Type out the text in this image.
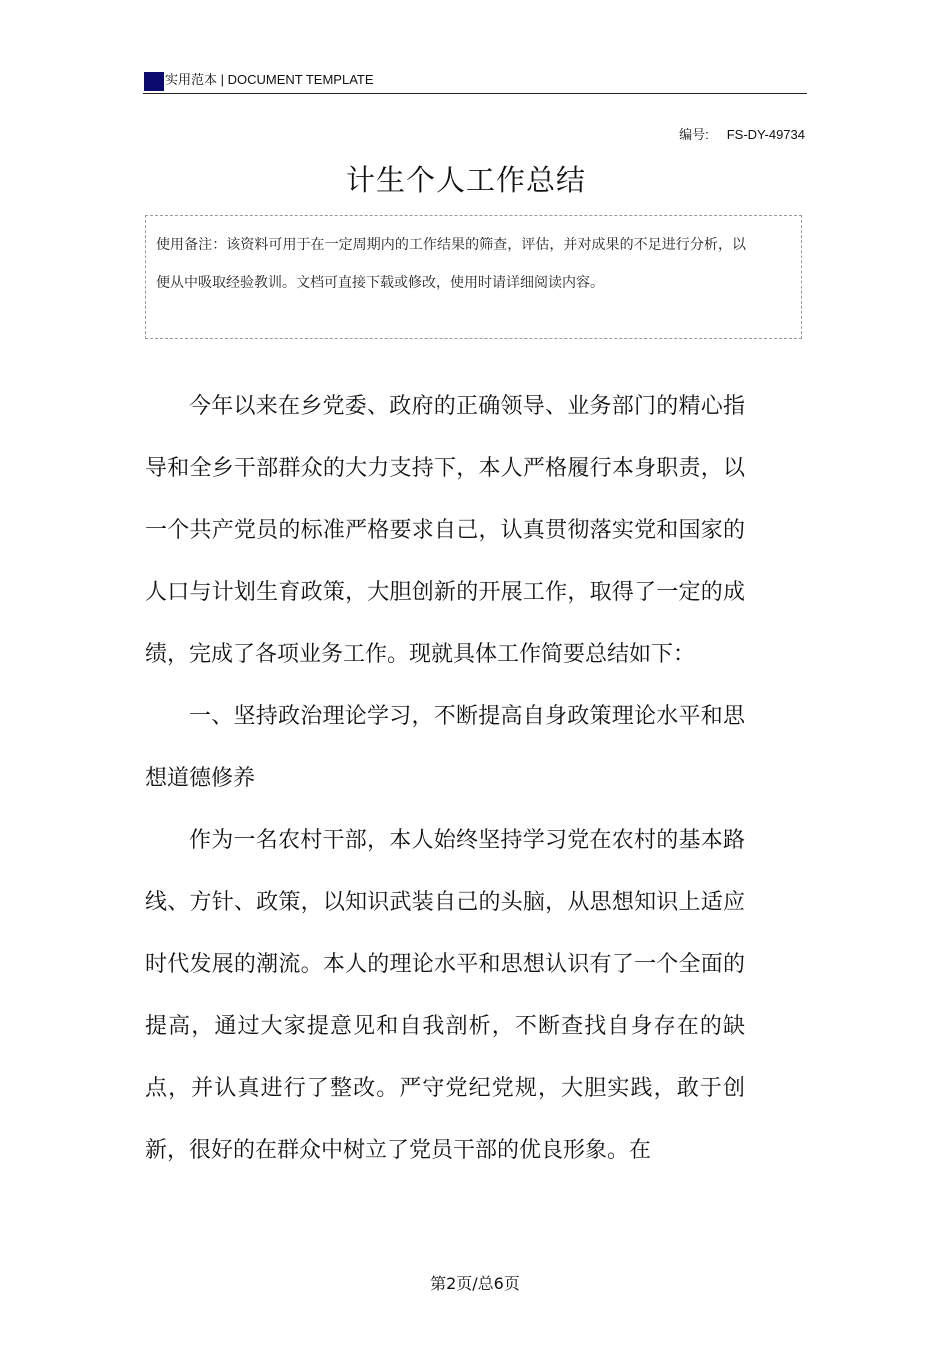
实用范本 | DOCUMENT TEMPLATE
编号: FS-DY-49734
计生个人工作总结
使用备注：该资料可用于在一定周期内的工作结果的筛查，评估，并对成果的不足进行分析，以便从中吸取经验教训。文档可直接下载或修改，使用时请详细阅读内容。

今年以来在乡党委、政府的正确领导、业务部门的精心指导和全乡干部群众的大力支持下，本人严格履行本身职责，以一个共产党员的标准严格要求自己，认真贯彻落实党和国家的人口与计划生育政策，大胆创新的开展工作，取得了一定的成绩，完成了各项业务工作。现就具体工作简要总结如下：

一、坚持政治理论学习，不断提高自身政策理论水平和思想道德修养

作为一名农村干部，本人始终坚持学习党在农村的基本路线、方针、政策，以知识武装自己的头脑，从思想知识上适应时代发展的潮流。本人的理论水平和思想认识有了一个全面的提高，通过大家提意见和自我剖析，不断查找自身存在的缺点，并认真进行了整改。严守党纪党规，大胆实践，敢于创新，很好的在群众中树立了党员干部的优良形象。在

第2页/总6页
